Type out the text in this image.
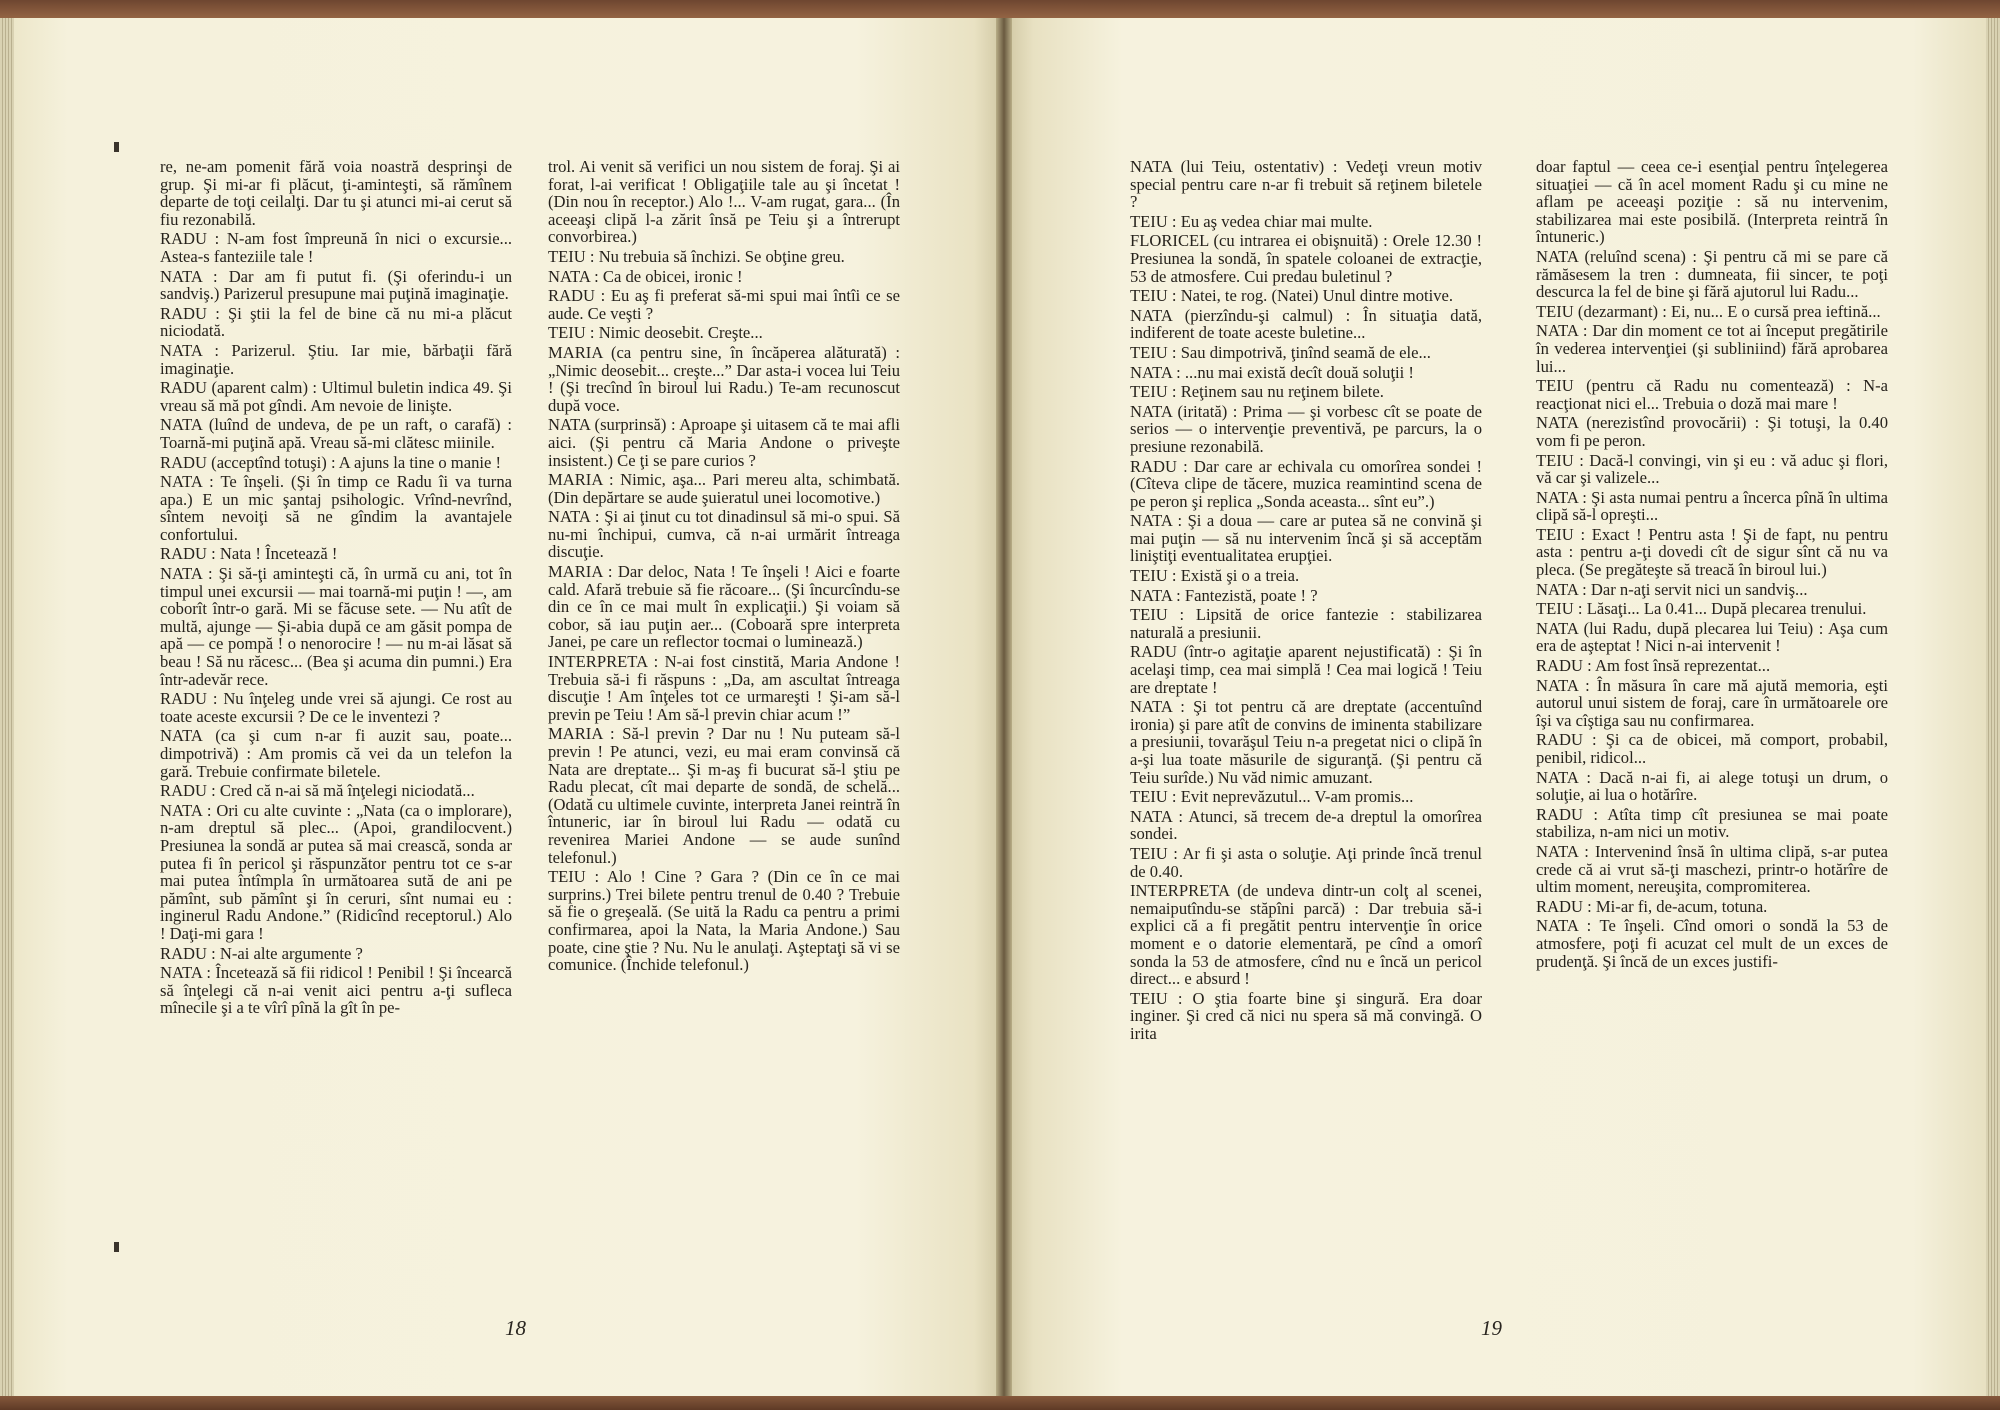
re, ne-am pomenit fără voia noastră desprinşi de grup. Şi mi-ar fi plăcut, ţi-aminteşti, să rămînem departe de toţi ceilalţi. Dar tu şi atunci mi-ai cerut să fiu rezonabilă.

RADU : N-am fost împreună în nici o excursie... Astea-s fanteziile tale !

NATA : Dar am fi putut fi. (Şi oferindu-i un sandviş.) Parizerul presupune mai puţină imaginaţie.

RADU : Şi ştii la fel de bine că nu mi-a plăcut niciodată.

NATA : Parizerul. Ştiu. Iar mie, bărbaţii fără imaginaţie.

RADU (aparent calm) : Ultimul buletin indica 49. Şi vreau să mă pot gîndi. Am nevoie de linişte.

NATA (luînd de undeva, de pe un raft, o carafă) : Toarnă-mi puţină apă. Vreau să-mi clătesc miinile.

RADU (acceptînd totuşi) : A ajuns la tine o manie !

NATA : Te înşeli. (Şi în timp ce Radu îi va turna apa.) E un mic şantaj psihologic. Vrînd-nevrînd, sîntem nevoiţi să ne gîndim la avantajele confortului.

RADU : Nata ! Încetează !

NATA : Şi să-ţi aminteşti că, în urmă cu ani, tot în timpul unei excursii — mai toarnă-mi puţin ! —, am coborît într-o gară. Mi se făcuse sete. — Nu atît de multă, ajunge — Şi-abia după ce am găsit pompa de apă — ce pompă ! o nenorocire ! — nu m-ai lăsat să beau ! Să nu răcesc... (Bea şi acuma din pumni.) Era într-adevăr rece.

RADU : Nu înţeleg unde vrei să ajungi. Ce rost au toate aceste excursii ? De ce le inventezi ?

NATA (ca şi cum n-ar fi auzit sau, poate... dimpotrivă) : Am promis că vei da un telefon la gară. Trebuie confirmate biletele.

RADU : Cred că n-ai să mă înţelegi niciodată...

NATA : Ori cu alte cuvinte : „Nata (ca o implorare), n-am dreptul să plec... (Apoi, grandilocvent.) Presiunea la sondă ar putea să mai crească, sonda ar putea fi în pericol şi răspunzător pentru tot ce s-ar mai putea întîmpla în următoarea sută de ani pe pămînt, sub pămînt şi în ceruri, sînt numai eu : inginerul Radu Andone.” (Ridicînd receptorul.) Alo ! Daţi-mi gara !

RADU : N-ai alte argumente ?

NATA : Încetează să fii ridicol ! Penibil ! Şi încearcă să înţelegi că n-ai venit aici pentru a-ţi sufleca mînecile şi a te vîrî pînă la gît în pe-

trol. Ai venit să verifici un nou sistem de foraj. Şi ai forat, l-ai verificat ! Obligaţiile tale au şi încetat ! (Din nou în receptor.) Alo !... V-am rugat, gara... (În aceeaşi clipă l-a zărit însă pe Teiu şi a întrerupt convorbirea.)

TEIU : Nu trebuia să închizi. Se obţine greu.

NATA : Ca de obicei, ironic !

RADU : Eu aş fi preferat să-mi spui mai întîi ce se aude. Ce veşti ?

TEIU : Nimic deosebit. Creşte...

MARIA (ca pentru sine, în încăperea alăturată) : „Nimic deosebit... creşte...” Dar asta-i vocea lui Teiu ! (Şi trecînd în biroul lui Radu.) Te-am recunoscut după voce.

NATA (surprinsă) : Aproape şi uitasem că te mai afli aici. (Şi pentru că Maria Andone o priveşte insistent.) Ce ţi se pare curios ?

MARIA : Nimic, aşa... Pari mereu alta, schimbată. (Din depărtare se aude şuieratul unei locomotive.)

NATA : Şi ai ţinut cu tot dinadinsul să mi-o spui. Să nu-mi închipui, cumva, că n-ai urmărit întreaga discuţie.

MARIA : Dar deloc, Nata ! Te înşeli ! Aici e foarte cald. Afară trebuie să fie răcoare... (Şi încurcîndu-se din ce în ce mai mult în explicaţii.) Şi voiam să cobor, să iau puţin aer... (Coboară spre interpreta Janei, pe care un reflector tocmai o luminează.)

INTERPRETA : N-ai fost cinstită, Maria Andone ! Trebuia să-i fi răspuns : „Da, am ascultat întreaga discuţie ! Am înţeles tot ce urmareşti ! Şi-am să-l previn pe Teiu ! Am să-l previn chiar acum !”

MARIA : Să-l previn ? Dar nu ! Nu puteam să-l previn ! Pe atunci, vezi, eu mai eram convinsă că Nata are dreptate... Şi m-aş fi bucurat să-l ştiu pe Radu plecat, cît mai departe de sondă, de schelă... (Odată cu ultimele cuvinte, interpreta Janei reintră în întuneric, iar în biroul lui Radu — odată cu revenirea Mariei Andone — se aude sunînd telefonul.)

TEIU : Alo ! Cine ? Gara ? (Din ce în ce mai surprins.) Trei bilete pentru trenul de 0.40 ? Trebuie să fie o greşeală. (Se uită la Radu ca pentru a primi confirmarea, apoi la Nata, la Maria Andone.) Sau poate, cine ştie ? Nu. Nu le anulaţi. Aşteptaţi să vi se comunice. (Închide telefonul.)

18

NATA (lui Teiu, ostentativ) : Vedeţi vreun motiv special pentru care n-ar fi trebuit să reţinem biletele ?

TEIU : Eu aş vedea chiar mai multe.

FLORICEL (cu intrarea ei obişnuită) : Orele 12.30 ! Presiunea la sondă, în spatele coloanei de extracţie, 53 de atmosfere. Cui predau buletinul ?

TEIU : Natei, te rog. (Natei) Unul dintre motive.

NATA (pierzîndu-şi calmul) : În situaţia dată, indiferent de toate aceste buletine...

TEIU : Sau dimpotrivă, ţinînd seamă de ele...

NATA : ...nu mai există decît două soluţii !

TEIU : Reţinem sau nu reţinem bilete.

NATA (iritată) : Prima — şi vorbesc cît se poate de serios — o intervenţie preventivă, pe parcurs, la o presiune rezonabilă.

RADU : Dar care ar echivala cu omorîrea sondei ! (Cîteva clipe de tăcere, muzica reamintind scena de pe peron şi replica „Sonda aceasta... sînt eu”.)

NATA : Şi a doua — care ar putea să ne convină şi mai puţin — să nu intervenim încă şi să acceptăm liniştiţi eventualitatea erupţiei.

TEIU : Există şi o a treia.

NATA : Fantezistă, poate ! ?

TEIU : Lipsită de orice fantezie : stabilizarea naturală a presiunii.

RADU (într-o agitaţie aparent nejustificată) : Şi în acelaşi timp, cea mai simplă ! Cea mai logică ! Teiu are dreptate !

NATA : Şi tot pentru că are dreptate (accentuînd ironia) şi pare atît de convins de iminenta stabilizare a presiunii, tovarăşul Teiu n-a pregetat nici o clipă în a-şi lua toate măsurile de siguranţă. (Şi pentru că Teiu surîde.) Nu văd nimic amuzant.

TEIU : Evit neprevăzutul... V-am promis...

NATA : Atunci, să trecem de-a dreptul la omorîrea sondei.

TEIU : Ar fi şi asta o soluţie. Aţi prinde încă trenul de 0.40.

INTERPRETA (de undeva dintr-un colţ al scenei, nemaiputîndu-se stăpîni parcă) : Dar trebuia să-i explici că a fi pregătit pentru intervenţie în orice moment e o datorie elementară, pe cînd a omorî sonda la 53 de atmosfere, cînd nu e încă un pericol direct... e absurd !

TEIU : O ştia foarte bine şi singură. Era doar inginer. Şi cred că nici nu spera să mă convingă. O irita

doar faptul — ceea ce-i esenţial pentru înţelegerea situaţiei — că în acel moment Radu şi cu mine ne aflam pe aceeaşi poziţie : să nu intervenim, stabilizarea mai este posibilă. (Interpreta reintră în întuneric.)

NATA (reluînd scena) : Şi pentru că mi se pare că rămăsesem la tren : dumneata, fii sincer, te poţi descurca la fel de bine şi fără ajutorul lui Radu...

TEIU (dezarmant) : Ei, nu... E o cursă prea ieftină...

NATA : Dar din moment ce tot ai început pregătirile în vederea intervenţiei (şi subliniind) fără aprobarea lui...

TEIU (pentru că Radu nu comentează) : N-a reacţionat nici el... Trebuia o doză mai mare !

NATA (nerezistînd provocării) : Şi totuşi, la 0.40 vom fi pe peron.

TEIU : Dacă-l convingi, vin şi eu : vă aduc şi flori, vă car şi valizele...

NATA : Şi asta numai pentru a încerca pînă în ultima clipă să-l opreşti...

TEIU : Exact ! Pentru asta ! Şi de fapt, nu pentru asta : pentru a-ţi dovedi cît de sigur sînt că nu va pleca. (Se pregăteşte să treacă în biroul lui.)

NATA : Dar n-aţi servit nici un sandviş...

TEIU : Lăsaţi... La 0.41... După plecarea trenului.

NATA (lui Radu, după plecarea lui Teiu) : Aşa cum era de aşteptat ! Nici n-ai intervenit !

RADU : Am fost însă reprezentat...

NATA : În măsura în care mă ajută memoria, eşti autorul unui sistem de foraj, care în următoarele ore îşi va cîştiga sau nu confirmarea.

RADU : Şi ca de obicei, mă comport, probabil, penibil, ridicol...

NATA : Dacă n-ai fi, ai alege totuşi un drum, o soluţie, ai lua o hotărîre.

RADU : Atîta timp cît presiunea se mai poate stabiliza, n-am nici un motiv.

NATA : Intervenind însă în ultima clipă, s-ar putea crede că ai vrut să-ţi maschezi, printr-o hotărîre de ultim moment, nereuşita, compromiterea.

RADU : Mi-ar fi, de-acum, totuna.

NATA : Te înşeli. Cînd omori o sondă la 53 de atmosfere, poţi fi acuzat cel mult de un exces de prudenţă. Şi încă de un exces justifi-

19
